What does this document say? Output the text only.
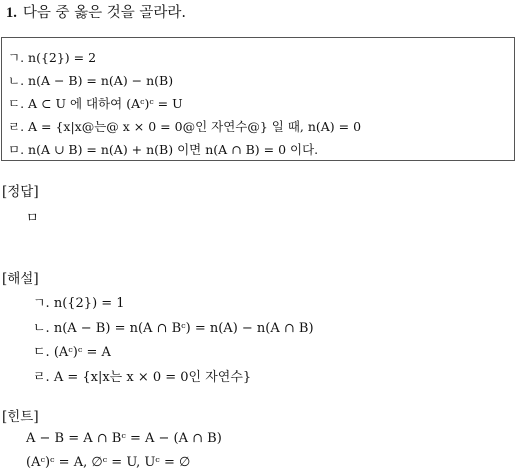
1. 다음 중 옳은 것을 골라라.
ㄱ. n({2}) = 2
ㄴ. n(A − B) = n(A) − n(B)
ㄷ. A ⊂ U 에 대하여 (Aᶜ)ᶜ = U
ㄹ. A = {x|x@는@ x × 0 = 0@인 자연수@} 일 때, n(A) = 0
ㅁ. n(A ∪ B) = n(A) + n(B) 이면 n(A ∩ B) = 0 이다.
[정답]
ㅁ
[해설]
ㄱ. n({2}) = 1
ㄴ. n(A − B) = n(A ∩ Bᶜ) = n(A) − n(A ∩ B)
ㄷ. (Aᶜ)ᶜ = A
ㄹ. A = {x|x는 x × 0 = 0인 자연수}
[힌트]
A − B = A ∩ Bᶜ = A − (A ∩ B)
(Aᶜ)ᶜ = A, ∅ᶜ = U, Uᶜ = ∅
